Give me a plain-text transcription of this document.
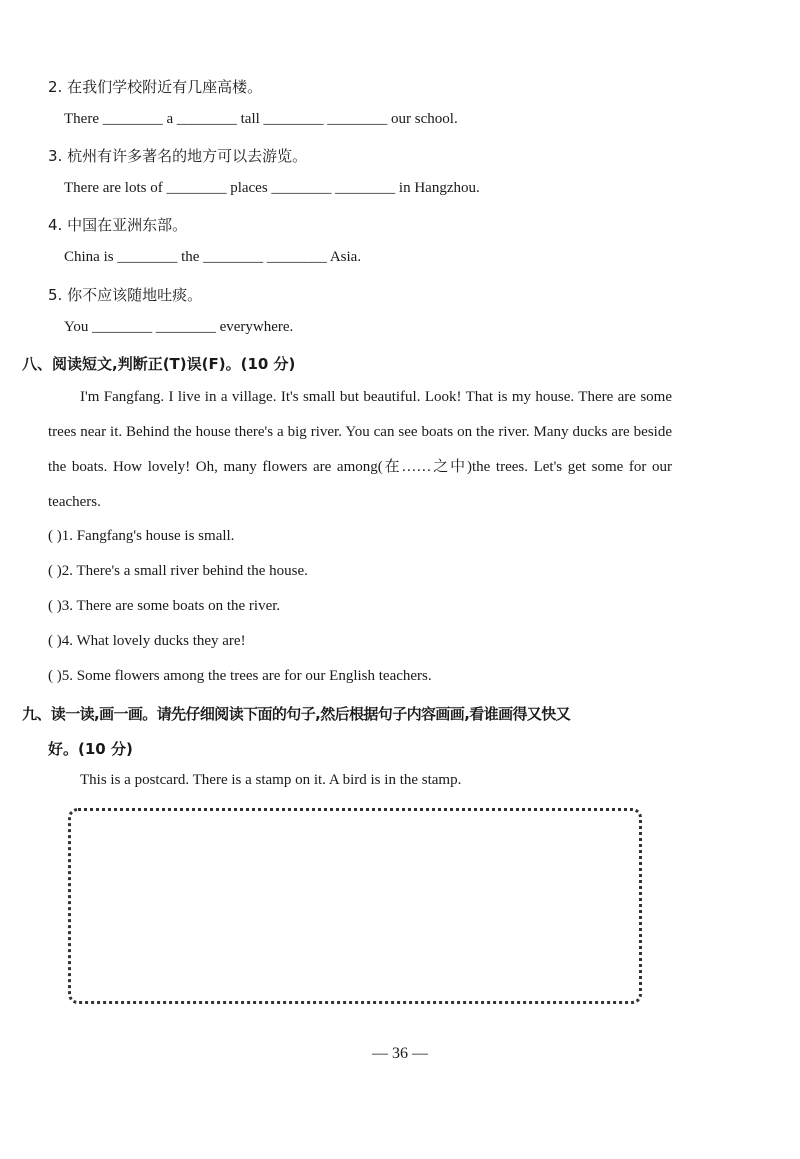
2. 在我们学校附近有几座高楼。
There ________ a ________ tall ________ ________ our school.
3. 杭州有许多著名的地方可以去游览。
There are lots of ________ places ________ ________ in Hangzhou.
4. 中国在亚洲东部。
China is ________ the ________ ________ Asia.
5. 你不应该随地吐痰。
You ________ ________ everywhere.
八、阅读短文,判断正(T)误(F)。(10 分)
I'm Fangfang. I live in a village. It's small but beautiful. Look! That is my house. There are some trees near it. Behind the house there's a big river. You can see boats on the river. Many ducks are beside the boats. How lovely! Oh, many flowers are among(在……之中)the trees. Let's get some for our teachers.
( )1. Fangfang's house is small.
( )2. There's a small river behind the house.
( )3. There are some boats on the river.
( )4. What lovely ducks they are!
( )5. Some flowers among the trees are for our English teachers.
九、读一读,画一画。请先仔细阅读下面的句子,然后根据句子内容画画,看谁画得又快又
好。(10 分)
This is a postcard. There is a stamp on it. A bird is in the stamp.
— 36 —
